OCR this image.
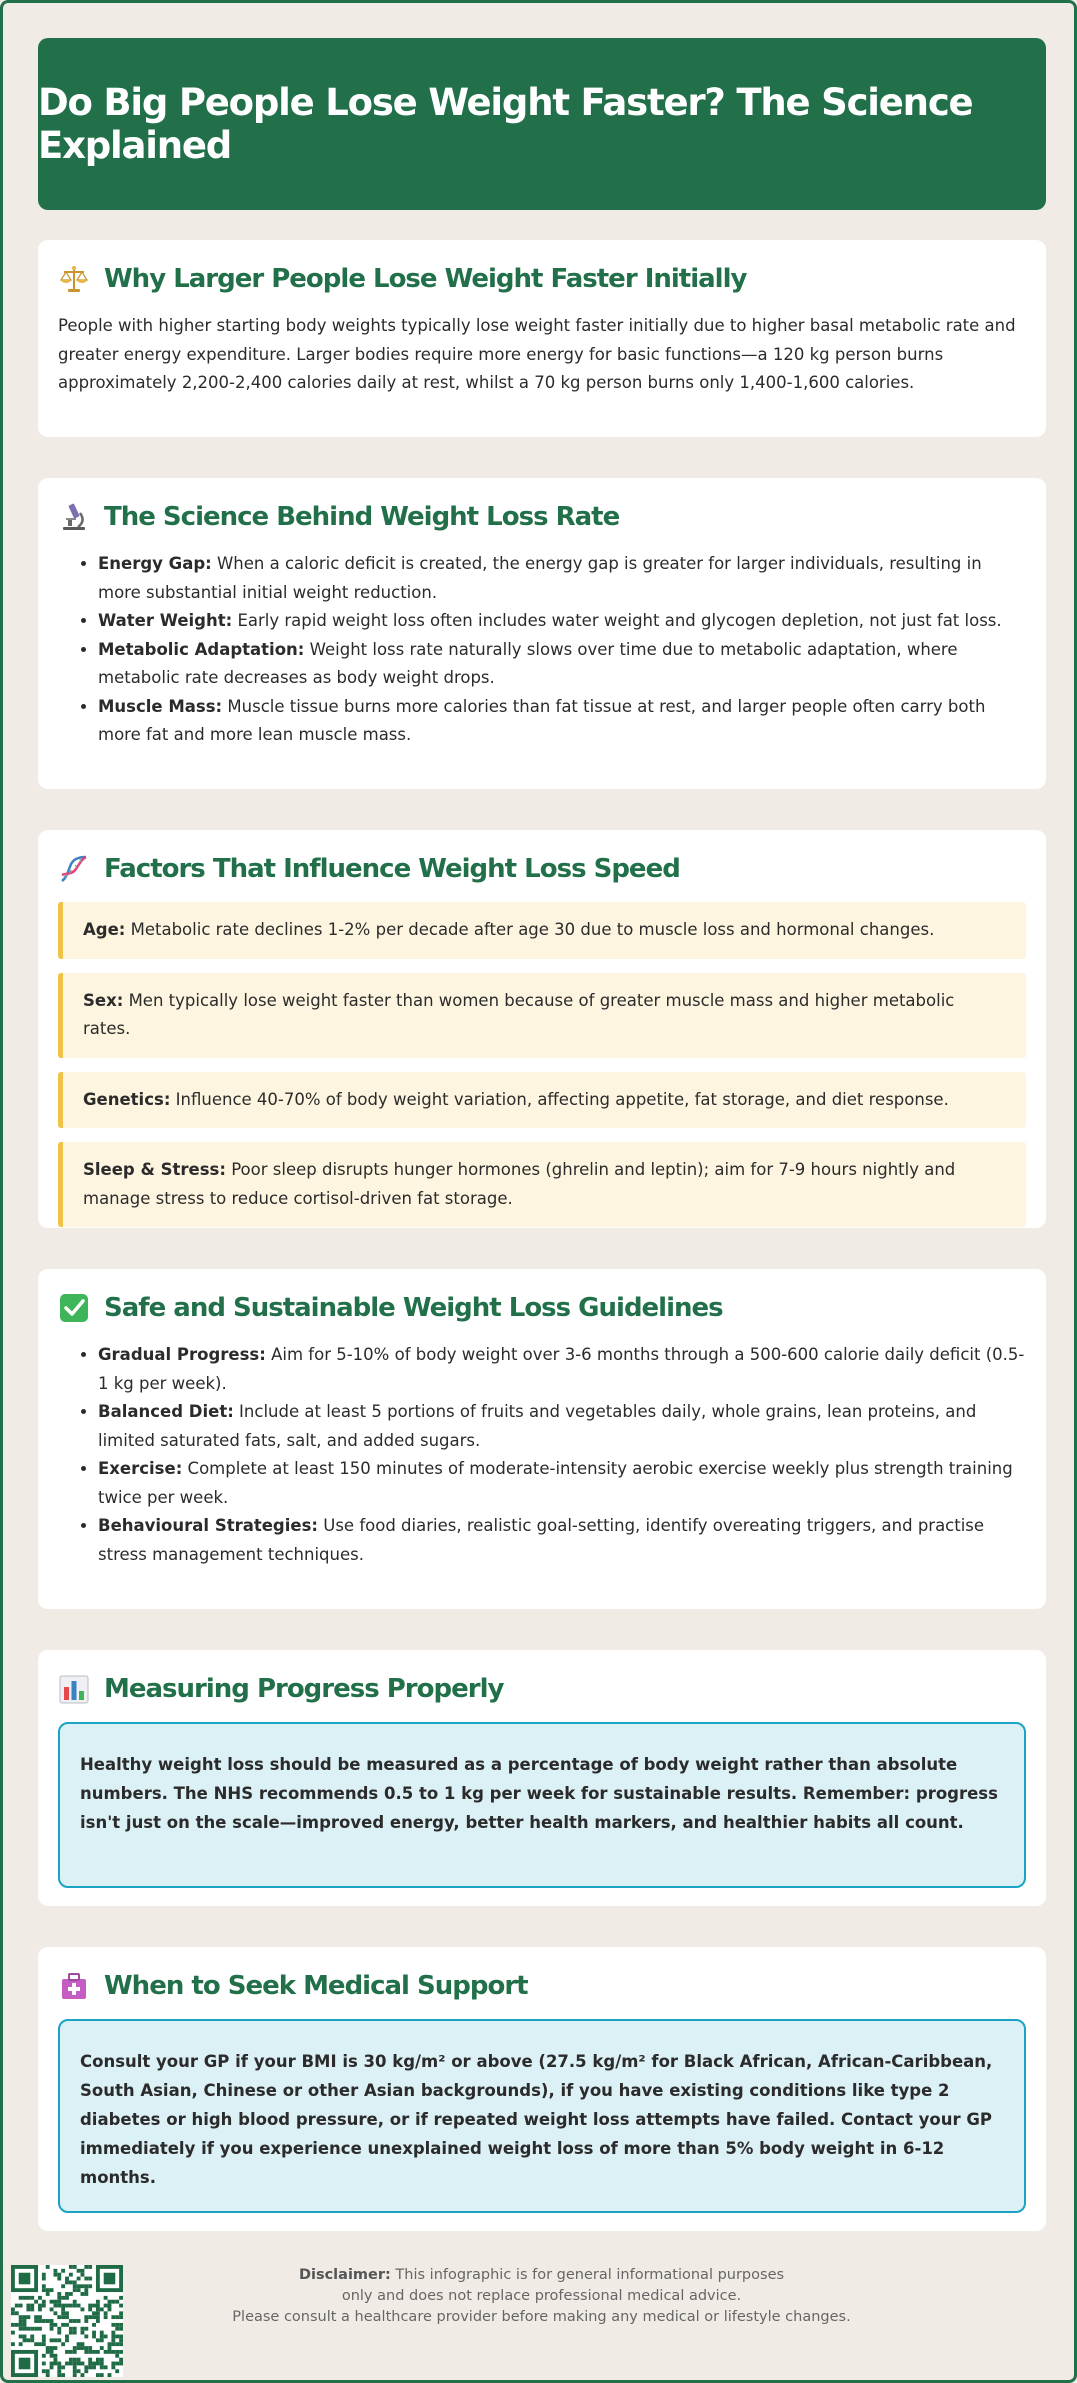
Do Big People Lose Weight Faster? The Science Explained
Why Larger People Lose Weight Faster Initially

People with higher starting body weights typically lose weight faster initially due to higher basal metabolic rate and greater energy expenditure. Larger bodies require more energy for basic functions—a 120 kg person burns approximately 2,200-2,400 calories daily at rest, whilst a 70 kg person burns only 1,400-1,600 calories.

The Science Behind Weight Loss Rate
• Energy Gap: When a caloric deficit is created, the energy gap is greater for larger individuals, resulting in more substantial initial weight reduction.
• Water Weight: Early rapid weight loss often includes water weight and glycogen depletion, not just fat loss.
• Metabolic Adaptation: Weight loss rate naturally slows over time due to metabolic adaptation, where metabolic rate decreases as body weight drops.
• Muscle Mass: Muscle tissue burns more calories than fat tissue at rest, and larger people often carry both more fat and more lean muscle mass.
Factors That Influence Weight Loss Speed
Age: Metabolic rate declines 1-2% per decade after age 30 due to muscle loss and hormonal changes.
Sex: Men typically lose weight faster than women because of greater muscle mass and higher metabolic rates.
Genetics: Influence 40-70% of body weight variation, affecting appetite, fat storage, and diet response.
Sleep & Stress: Poor sleep disrupts hunger hormones (ghrelin and leptin); aim for 7-9 hours nightly and manage stress to reduce cortisol-driven fat storage.
Safe and Sustainable Weight Loss Guidelines
• Gradual Progress: Aim for 5-10% of body weight over 3-6 months through a 500-600 calorie daily deficit (0.5-1 kg per week).
• Balanced Diet: Include at least 5 portions of fruits and vegetables daily, whole grains, lean proteins, and limited saturated fats, salt, and added sugars.
• Exercise: Complete at least 150 minutes of moderate-intensity aerobic exercise weekly plus strength training twice per week.
• Behavioural Strategies: Use food diaries, realistic goal-setting, identify overeating triggers, and practise stress management techniques.
Measuring Progress Properly
Healthy weight loss should be measured as a percentage of body weight rather than absolute numbers. The NHS recommends 0.5 to 1 kg per week for sustainable results. Remember: progress isn't just on the scale—improved energy, better health markers, and healthier habits all count.
When to Seek Medical Support
Consult your GP if your BMI is 30 kg/m² or above (27.5 kg/m² for Black African, African-Caribbean, South Asian, Chinese or other Asian backgrounds), if you have existing conditions like type 2 diabetes or high blood pressure, or if repeated weight loss attempts have failed. Contact your GP immediately if you experience unexplained weight loss of more than 5% body weight in 6-12 months.
Disclaimer: This infographic is for general informational purposes
only and does not replace professional medical advice.
Please consult a healthcare provider before making any medical or lifestyle changes.
